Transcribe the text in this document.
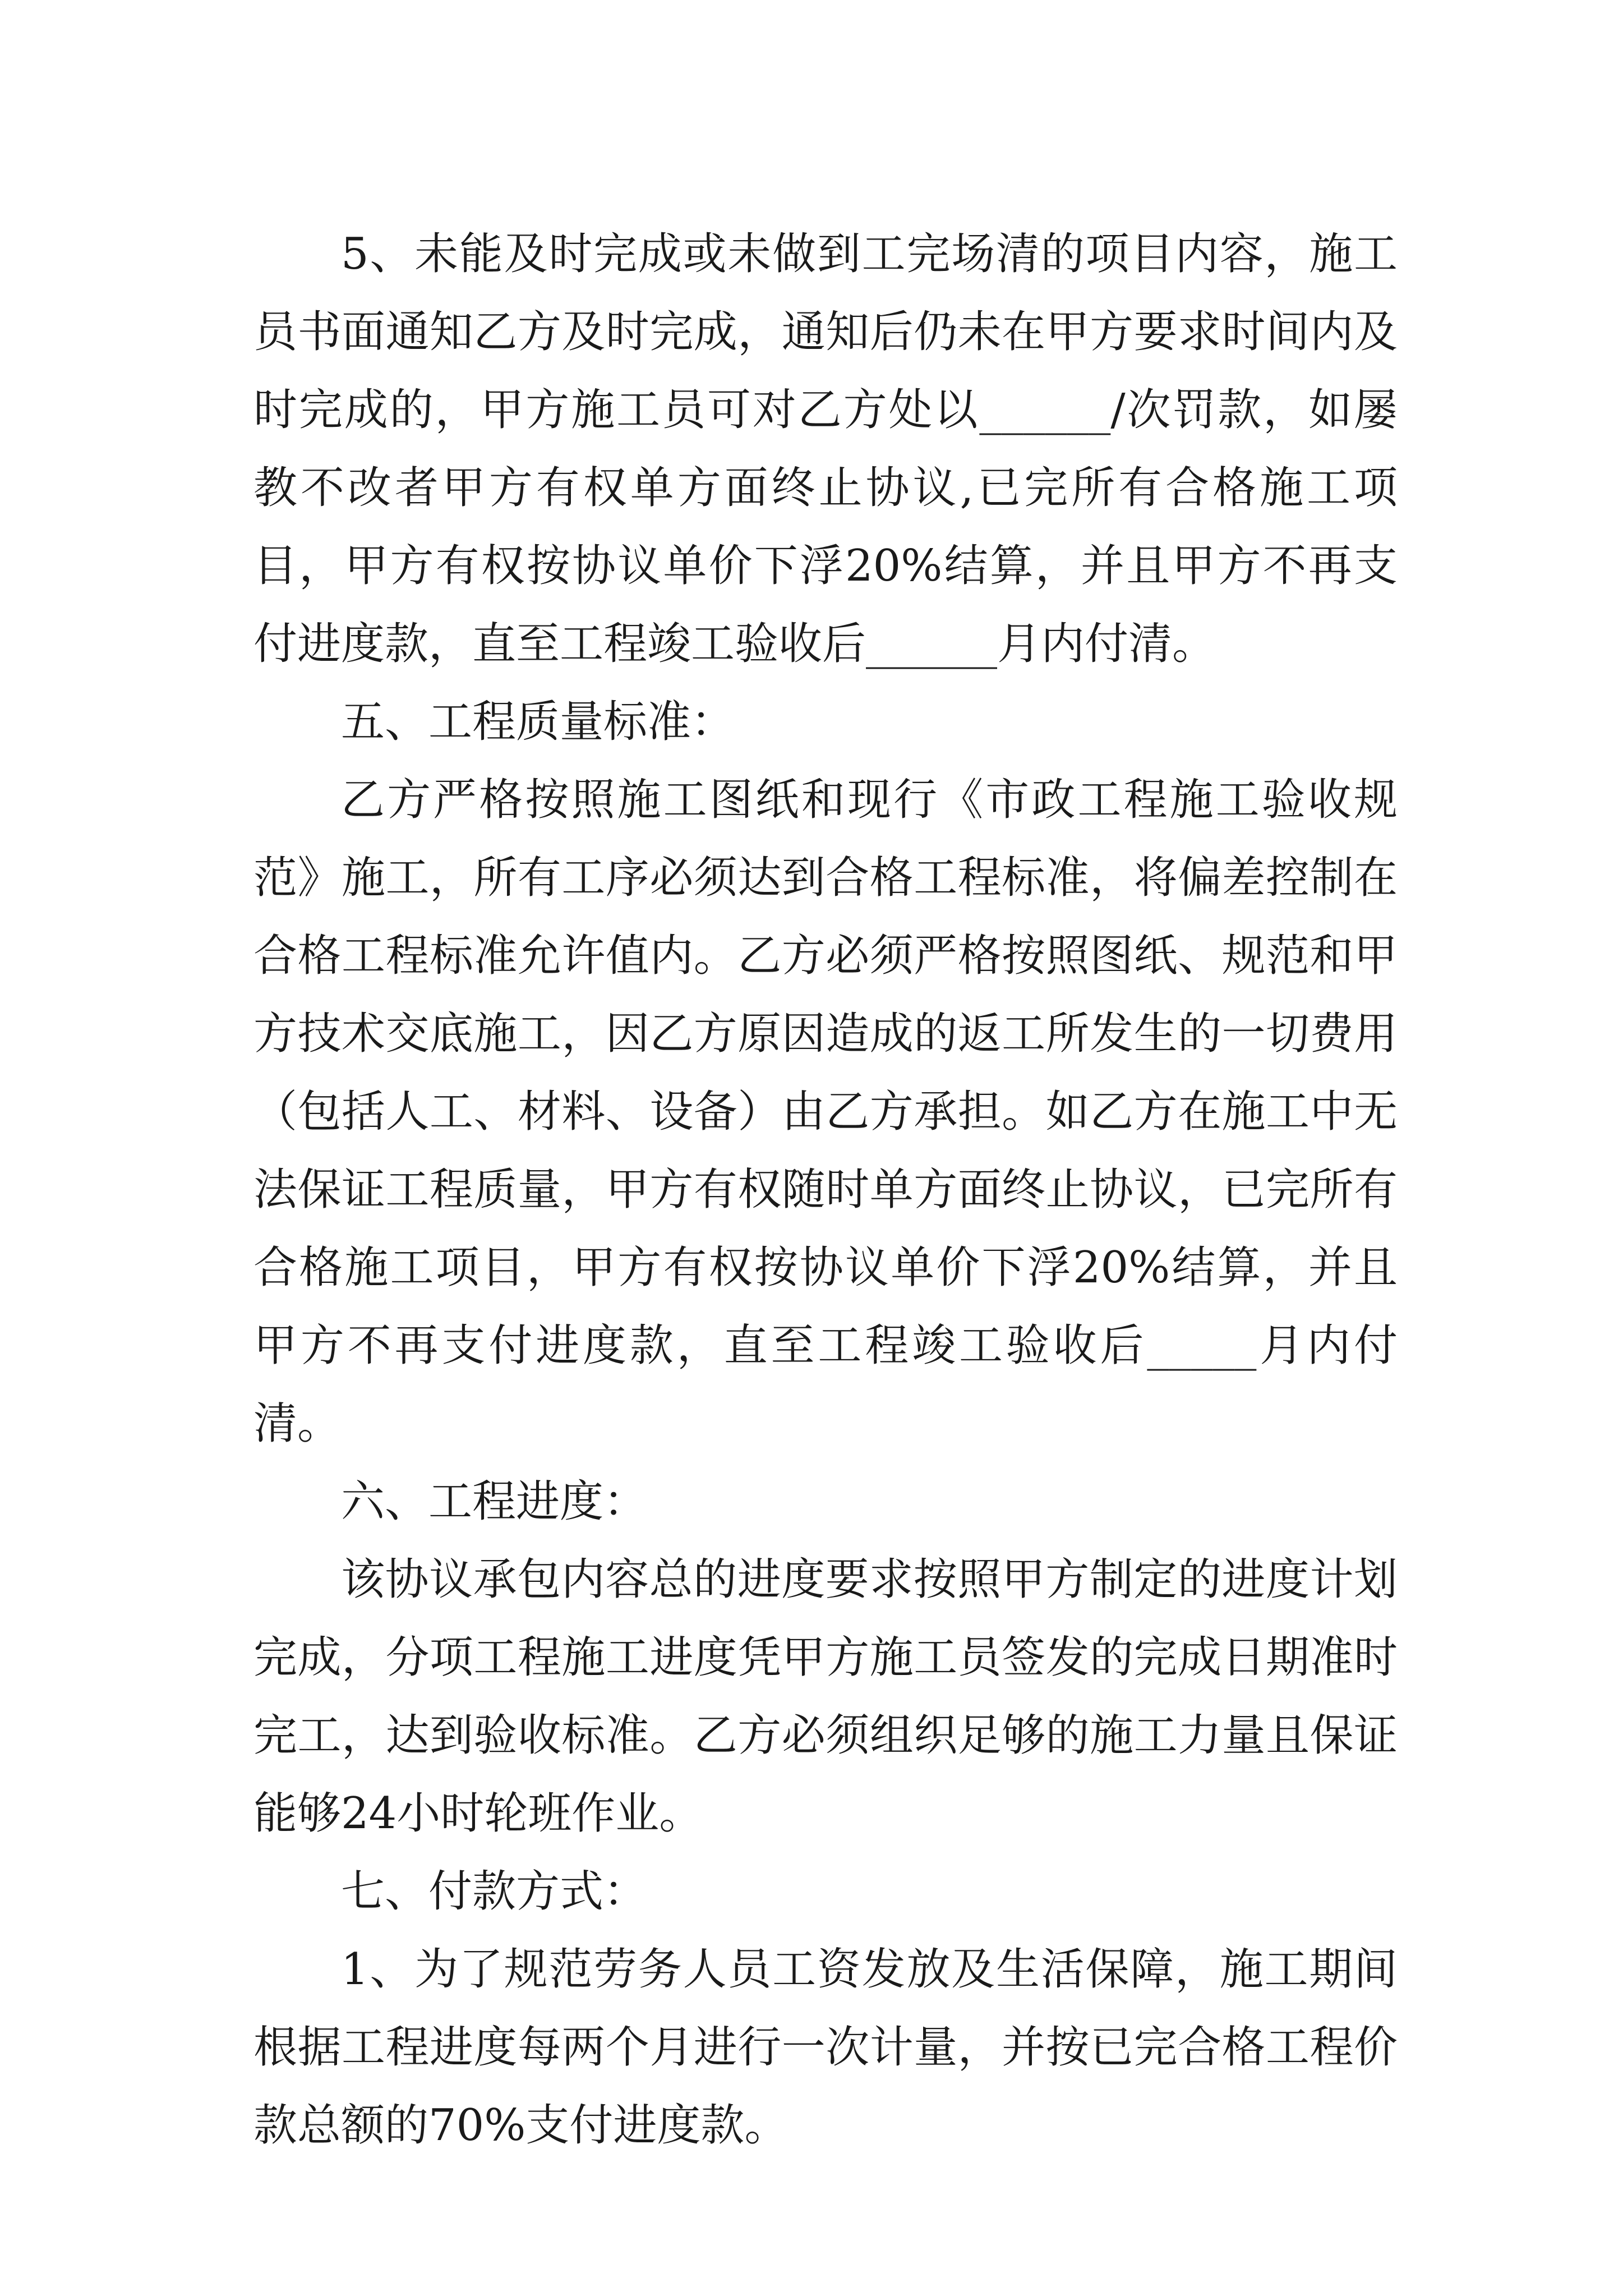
5、未能及时完成或未做到工完场清的项目内容，施工员书面通知乙方及时完成，通知后仍未在甲方要求时间内及时完成的，甲方施工员可对乙方处以______/次罚款，如屡教不改者甲方有权单方面终止协议,已完所有合格施工项目，甲方有权按协议单价下浮20%结算，并且甲方不再支付进度款，直至工程竣工验收后______月内付清。

五、工程质量标准：

乙方严格按照施工图纸和现行《市政工程施工验收规范》施工，所有工序必须达到合格工程标准，将偏差控制在合格工程标准允许值内。乙方必须严格按照图纸、规范和甲方技术交底施工，因乙方原因造成的返工所发生的一切费用（包括人工、材料、设备）由乙方承担。如乙方在施工中无法保证工程质量，甲方有权随时单方面终止协议，已完所有合格施工项目，甲方有权按协议单价下浮20%结算，并且甲方不再支付进度款，直至工程竣工验收后_____月内付清。

六、工程进度：

该协议承包内容总的进度要求按照甲方制定的进度计划完成，分项工程施工进度凭甲方施工员签发的完成日期准时完工，达到验收标准。乙方必须组织足够的施工力量且保证能够24小时轮班作业。

七、付款方式：

1、为了规范劳务人员工资发放及生活保障，施工期间根据工程进度每两个月进行一次计量，并按已完合格工程价款总额的70%支付进度款。
